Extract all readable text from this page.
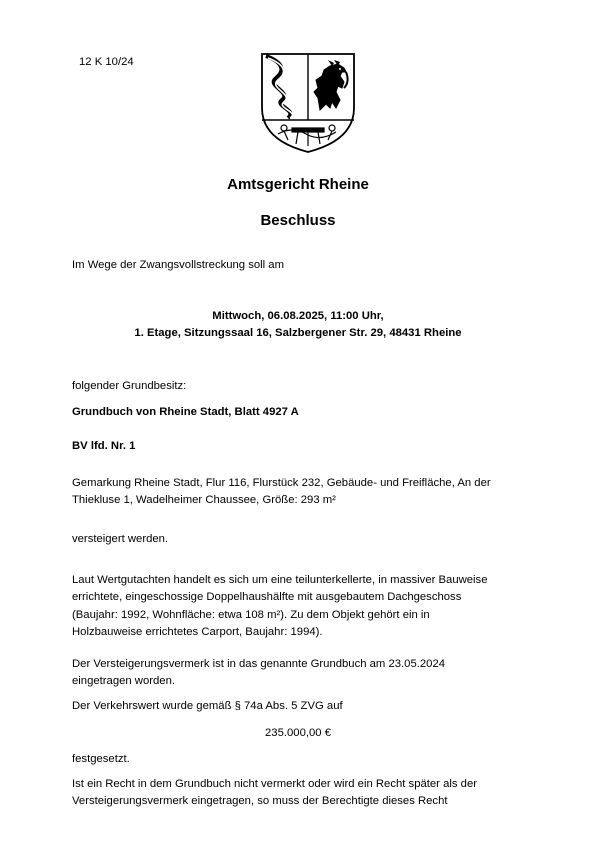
12 K 10/24
Amtsgericht Rheine
Beschluss
Im Wege der Zwangsvollstreckung soll am
Mittwoch, 06.08.2025, 11:00 Uhr,
1. Etage, Sitzungssaal 16, Salzbergener Str. 29, 48431 Rheine
folgender Grundbesitz:
Grundbuch von Rheine Stadt, Blatt 4927 A
BV lfd. Nr. 1
Gemarkung Rheine Stadt, Flur 116, Flurstück 232, Gebäude- und Freifläche, An der
Thiekluse 1, Wadelheimer Chaussee, Größe: 293 m²
versteigert werden.
Laut Wertgutachten handelt es sich um eine teilunterkellerte, in massiver Bauweise
errichtete, eingeschossige Doppelhaushälfte mit ausgebautem Dachgeschoss
(Baujahr: 1992, Wohnfläche: etwa 108 m²). Zu dem Objekt gehört ein in
Holzbauweise errichtetes Carport, Baujahr: 1994).
Der Versteigerungsvermerk ist in das genannte Grundbuch am 23.05.2024
eingetragen worden.
Der Verkehrswert wurde gemäß § 74a Abs. 5 ZVG auf
235.000,00 €
festgesetzt.
Ist ein Recht in dem Grundbuch nicht vermerkt oder wird ein Recht später als der
Versteigerungsvermerk eingetragen, so muss der Berechtigte dieses Recht
